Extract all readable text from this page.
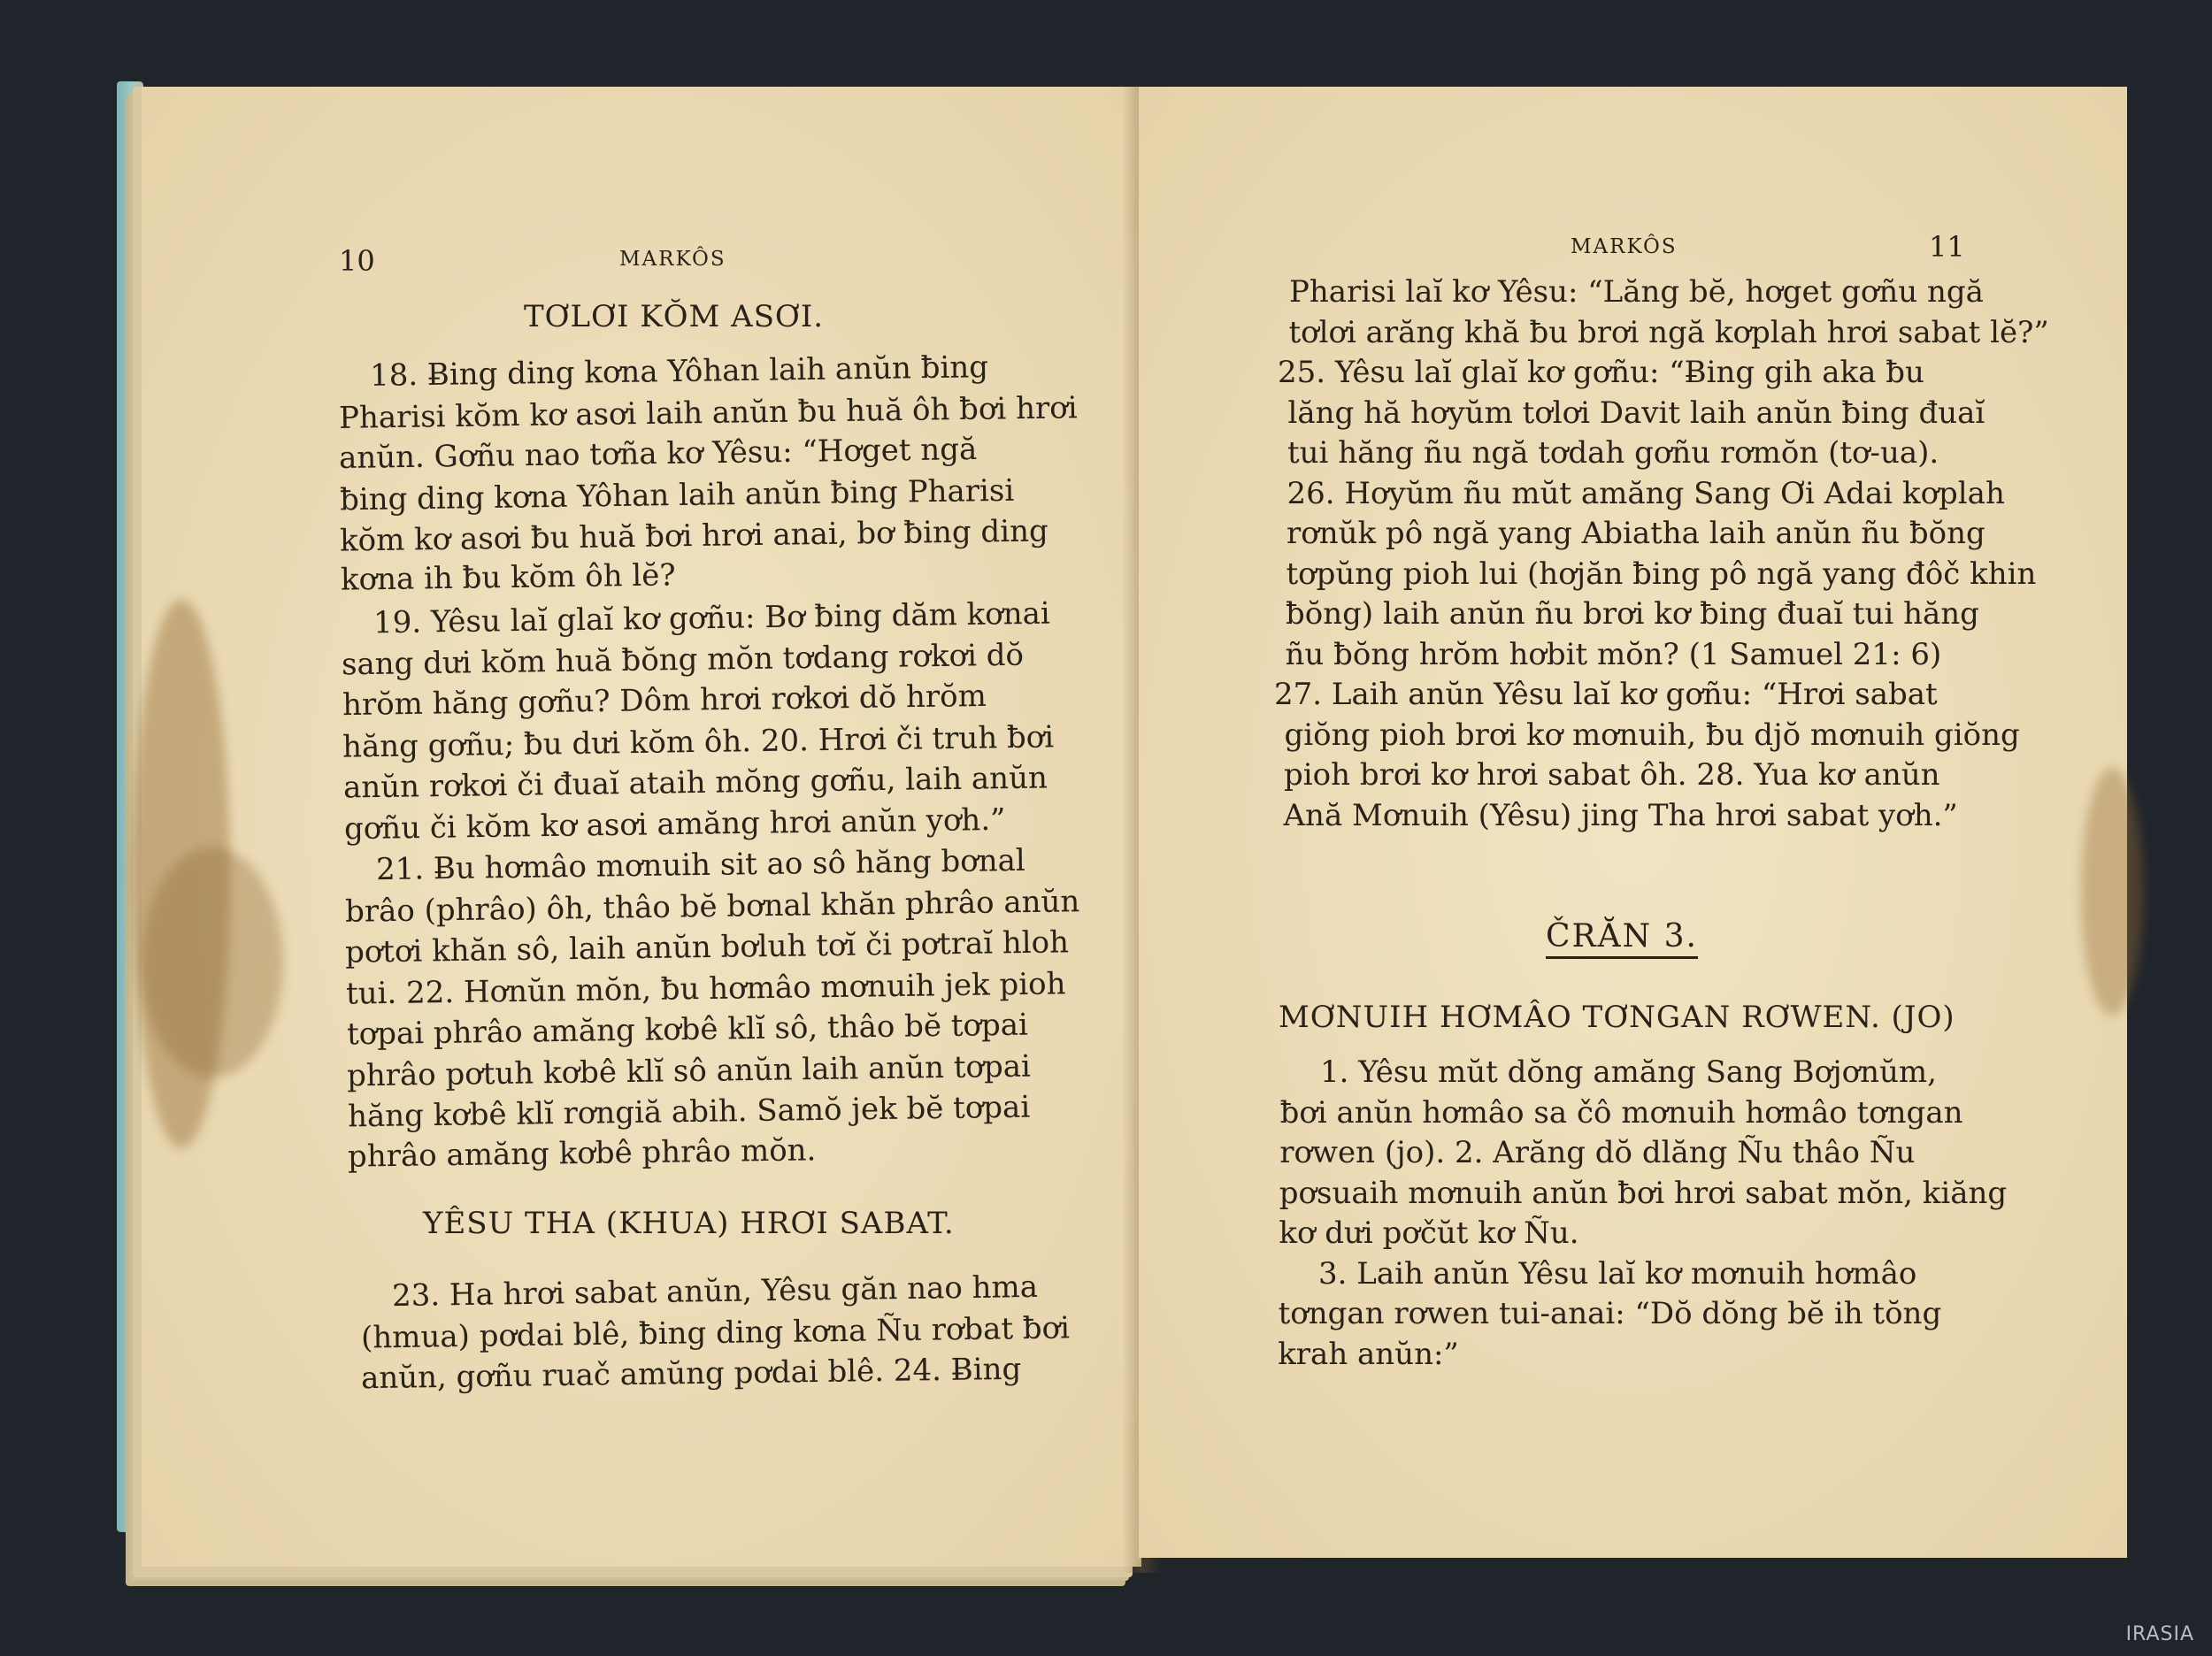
10	MARKÔS
TƠLƠI KŎM ASƠI.
18. Ƀing ding kơna Yôhan laih anŭn ƀing
Pharisi kŏm kơ asơi laih anŭn ƀu huă ôh ƀơi hrơi
anŭn. Gơñu nao tơña kơ Yêsu: “Hơget ngă
ƀing ding kơna Yôhan laih anŭn ƀing Pharisi
kŏm kơ asơi ƀu huă ƀơi hrơi anai, bơ ƀing ding
kơna ih ƀu kŏm ôh lĕ?
19. Yêsu laĭ glaĭ kơ gơñu: Bơ ƀing dăm kơnai
sang dưi kŏm huă ƀŏng mŏn tơdang rơkơi dŏ
hrŏm hăng gơñu? Dôm hrơi rơkơi dŏ hrŏm
hăng gơñu; ƀu dưi kŏm ôh. 20. Hrơi či truh ƀơi
anŭn rơkơi či đuaĭ ataih mŏng gơñu, laih anŭn
gơñu či kŏm kơ asơi amăng hrơi anŭn yơh.”
21. Ƀu hơmâo mơnuih sit ao sô hăng bơnal
brâo (phrâo) ôh, thâo bĕ bơnal khăn phrâo anŭn
pơtơi khăn sô, laih anŭn bơluh tơĭ či pơtraĭ hloh
tui. 22. Hơnŭn mŏn, ƀu hơmâo mơnuih jek pioh
tơpai phrâo amăng kơbê klĭ sô, thâo bĕ tơpai
phrâo pơtuh kơbê klĭ sô anŭn laih anŭn tơpai
hăng kơbê klĭ rơngiă abih. Samŏ jek bĕ tơpai
phrâo amăng kơbê phrâo mŏn.
YÊSU THA (KHUA) HRƠI SABAT.
23. Ha hrơi sabat anŭn, Yêsu găn nao hma
(hmua) pơdai blê, ƀing ding kơna Ñu rơbat ƀơi
anŭn, gơñu ruač amŭng pơdai blê. 24. Ƀing
MARKÔS	11
Pharisi laĭ kơ Yêsu: “Lăng bĕ, hơget gơñu ngă
tơlơi arăng khă ƀu brơi ngă kơplah hrơi sabat lĕ?”
25. Yêsu laĭ glaĭ kơ gơñu: “Ƀing gih aka ƀu
lăng hă hơyŭm tơlơi Davit laih anŭn ƀing đuaĭ
tui hăng ñu ngă tơdah gơñu rơmŏn (tơ-ua).
26. Hơyŭm ñu mŭt amăng Sang Ơi Adai kơplah
rơnŭk pô ngă yang Abiatha laih anŭn ñu ƀŏng
tơpŭng pioh lui (hơjăn ƀing pô ngă yang đôč khin
ƀŏng) laih anŭn ñu brơi kơ ƀing đuaĭ tui hăng
ñu ƀŏng hrŏm hơbit mŏn? (1 Samuel 21: 6)
27. Laih anŭn Yêsu laĭ kơ gơñu: “Hrơi sabat
giŏng pioh brơi kơ mơnuih, ƀu djŏ mơnuih giŏng
pioh brơi kơ hrơi sabat ôh. 28. Yua kơ anŭn
Ană Mơnuih (Yêsu) jing Tha hrơi sabat yơh.”
ČRĂN 3.
MƠNUIH HƠMÂO TƠNGAN RƠWEN. (JO)
1. Yêsu mŭt dŏng amăng Sang Bơjơnŭm,
ƀơi anŭn hơmâo sa čô mơnuih hơmâo tơngan
rơwen (jo). 2. Arăng dŏ dlăng Ñu thâo Ñu
pơsuaih mơnuih anŭn ƀơi hrơi sabat mŏn, kiăng
kơ dưi pơčŭt kơ Ñu.
3. Laih anŭn Yêsu laĭ kơ mơnuih hơmâo
tơngan rơwen tui-anai: “Dŏ dŏng bĕ ih tŏng
krah anŭn:”
IRASIA
